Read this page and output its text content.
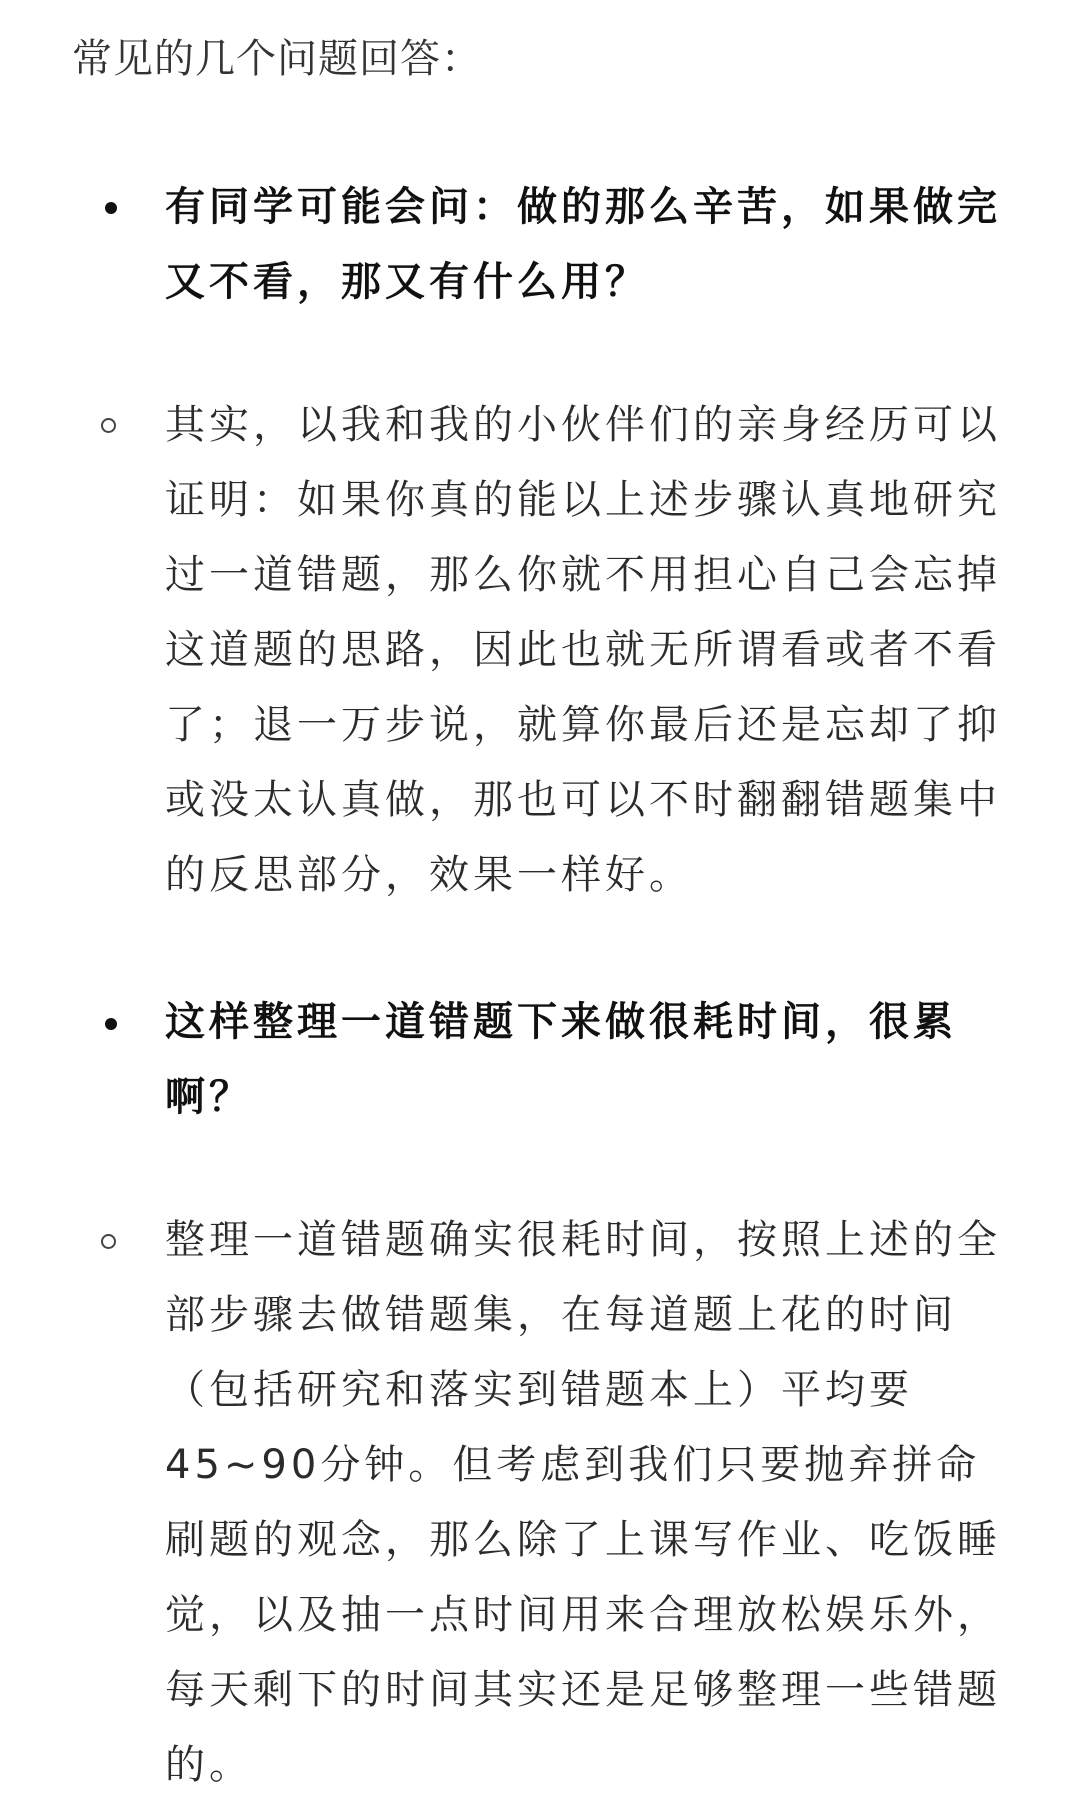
常见的几个问题回答：
有同学可能会问：做的那么辛苦，如果做完又不看，那又有什么用？
其实，以我和我的小伙伴们的亲身经历可以证明：如果你真的能以上述步骤认真地研究过一道错题，那么你就不用担心自己会忘掉这道题的思路，因此也就无所谓看或者不看了；退一万步说，就算你最后还是忘却了抑或没太认真做，那也可以不时翻翻错题集中的反思部分，效果一样好。
这样整理一道错题下来做很耗时间，很累啊？
整理一道错题确实很耗时间，按照上述的全部步骤去做错题集，在每道题上花的时间（包括研究和落实到错题本上）平均要45~90分钟。但考虑到我们只要抛弃拼命刷题的观念，那么除了上课写作业、吃饭睡觉，以及抽一点时间用来合理放松娱乐外，每天剩下的时间其实还是足够整理一些错题的。
